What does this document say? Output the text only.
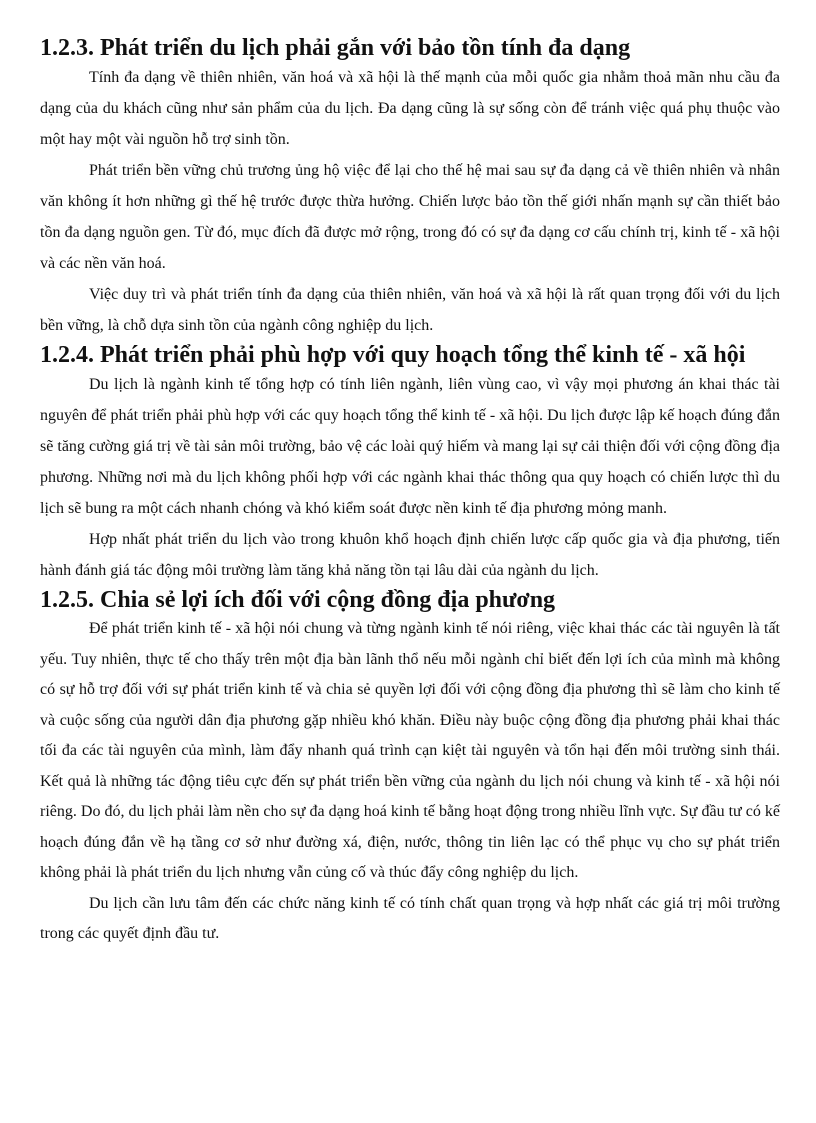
1.2.3. Phát triển du lịch phải gắn với bảo tồn tính đa dạng

Tính đa dạng về thiên nhiên, văn hoá và xã hội là thế mạnh của mỗi quốc gia nhằm thoả mãn nhu cầu đa dạng của du khách cũng như sản phẩm của du lịch. Đa dạng cũng là sự sống còn để tránh việc quá phụ thuộc vào một hay một vài nguồn hỗ trợ sinh tồn.

Phát triển bền vững chủ trương ủng hộ việc để lại cho thế hệ mai sau sự đa dạng cả về thiên nhiên và nhân văn không ít hơn những gì thế hệ trước được thừa hưởng. Chiến lược bảo tồn thế giới nhấn mạnh sự cần thiết bảo tồn đa dạng nguồn gen. Từ đó, mục đích đã được mở rộng, trong đó có sự đa dạng cơ cấu chính trị, kinh tế - xã hội và các nền văn hoá.

Việc duy trì và phát triển tính đa dạng của thiên nhiên, văn hoá và xã hội là rất quan trọng đối với du lịch bền vững, là chỗ dựa sinh tồn của ngành công nghiệp du lịch.

1.2.4. Phát triển phải phù hợp với quy hoạch tổng thể kinh tế - xã hội

Du lịch là ngành kinh tế tổng hợp có tính liên ngành, liên vùng cao, vì vậy mọi phương án khai thác tài nguyên để phát triển phải phù hợp với các quy hoạch tổng thể kinh tế - xã hội. Du lịch được lập kế hoạch đúng đắn sẽ tăng cường giá trị về tài sản môi trường, bảo vệ các loài quý hiếm và mang lại sự cải thiện đối với cộng đồng địa phương. Những nơi mà du lịch không phối hợp với các ngành khai thác thông qua quy hoạch có chiến lược thì du lịch sẽ bung ra một cách nhanh chóng và khó kiểm soát được nền kinh tế địa phương mỏng manh.

Hợp nhất phát triển du lịch vào trong khuôn khổ hoạch định chiến lược cấp quốc gia và địa phương, tiến hành đánh giá tác động môi trường làm tăng khả năng tồn tại lâu dài của ngành du lịch.

1.2.5. Chia sẻ lợi ích đối với cộng đồng địa phương

Để phát triển kinh tế - xã hội nói chung và từng ngành kinh tế nói riêng, việc khai thác các tài nguyên là tất yếu. Tuy nhiên, thực tế cho thấy trên một địa bàn lãnh thổ nếu mỗi ngành chỉ biết đến lợi ích của mình mà không có sự hỗ trợ đối với sự phát triển kinh tế và chia sẻ quyền lợi đối với cộng đồng địa phương thì sẽ làm cho kinh tế và cuộc sống của người dân địa phương gặp nhiều khó khăn. Điều này buộc cộng đồng địa phương phải khai thác tối đa các tài nguyên của mình, làm đẩy nhanh quá trình cạn kiệt tài nguyên và tổn hại đến môi trường sinh thái. Kết quả là những tác động tiêu cực đến sự phát triển bền vững của ngành du lịch nói chung và kinh tế - xã hội nói riêng. Do đó, du lịch phải làm nền cho sự đa dạng hoá kinh tế bằng hoạt động trong nhiều lĩnh vực. Sự đầu tư có kế hoạch đúng đắn về hạ tầng cơ sở như đường xá, điện, nước, thông tin liên lạc có thể phục vụ cho sự phát triển không phải là phát triển du lịch nhưng vẫn củng cố và thúc đẩy công nghiệp du lịch.

Du lịch cần lưu tâm đến các chức năng kinh tế có tính chất quan trọng và hợp nhất các giá trị môi trường trong các quyết định đầu tư.
